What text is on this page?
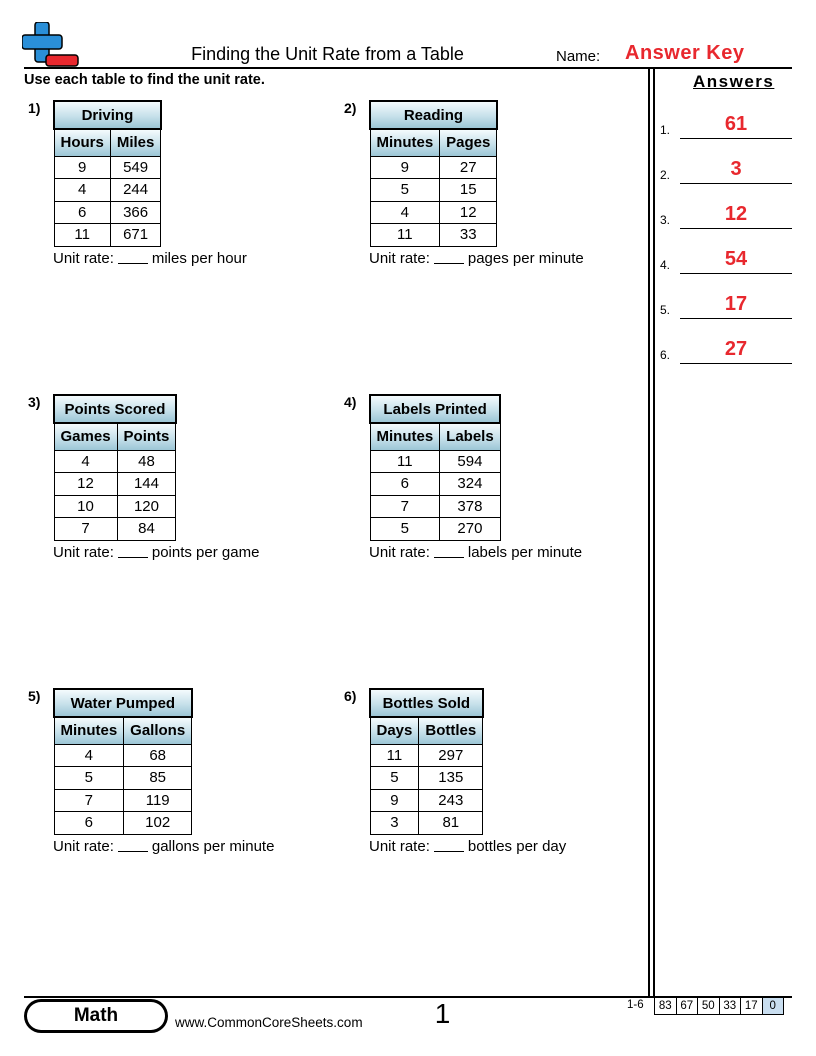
Finding the Unit Rate from a Table	Name: Answer Key
Use each table to find the unit rate.	Answers
1.	61
2.	3
3.	12
4.	54
5.	17
6.	27
1)	Driving	
Hours	Miles
9	549
4	244
6	366
11	671
Unit rate:	miles per hour
2)	Reading	
Minutes	Pages
9	27
5	15
4	12
11	33
Unit rate:	pages per minute
3) Points Scored	
Games	Points
4	48
12	144
10	120
7	84
Unit rate:	points per game
4) Labels Printed	
Minutes	Labels
11	594
6	324
7	378
5	270
Unit rate:	labels per minute
5) Water Pumped	
Minutes	Gallons
4	68
5	85
7	119
6	102
Unit rate:	gallons per minute
6) Bottles Sold	
Days	Bottles
11	297
5	135
9	243
3	81
Unit rate:	bottles per day
Math	www.CommonCoreSheets.com	1	1-6	83 67 50 33 17	0
